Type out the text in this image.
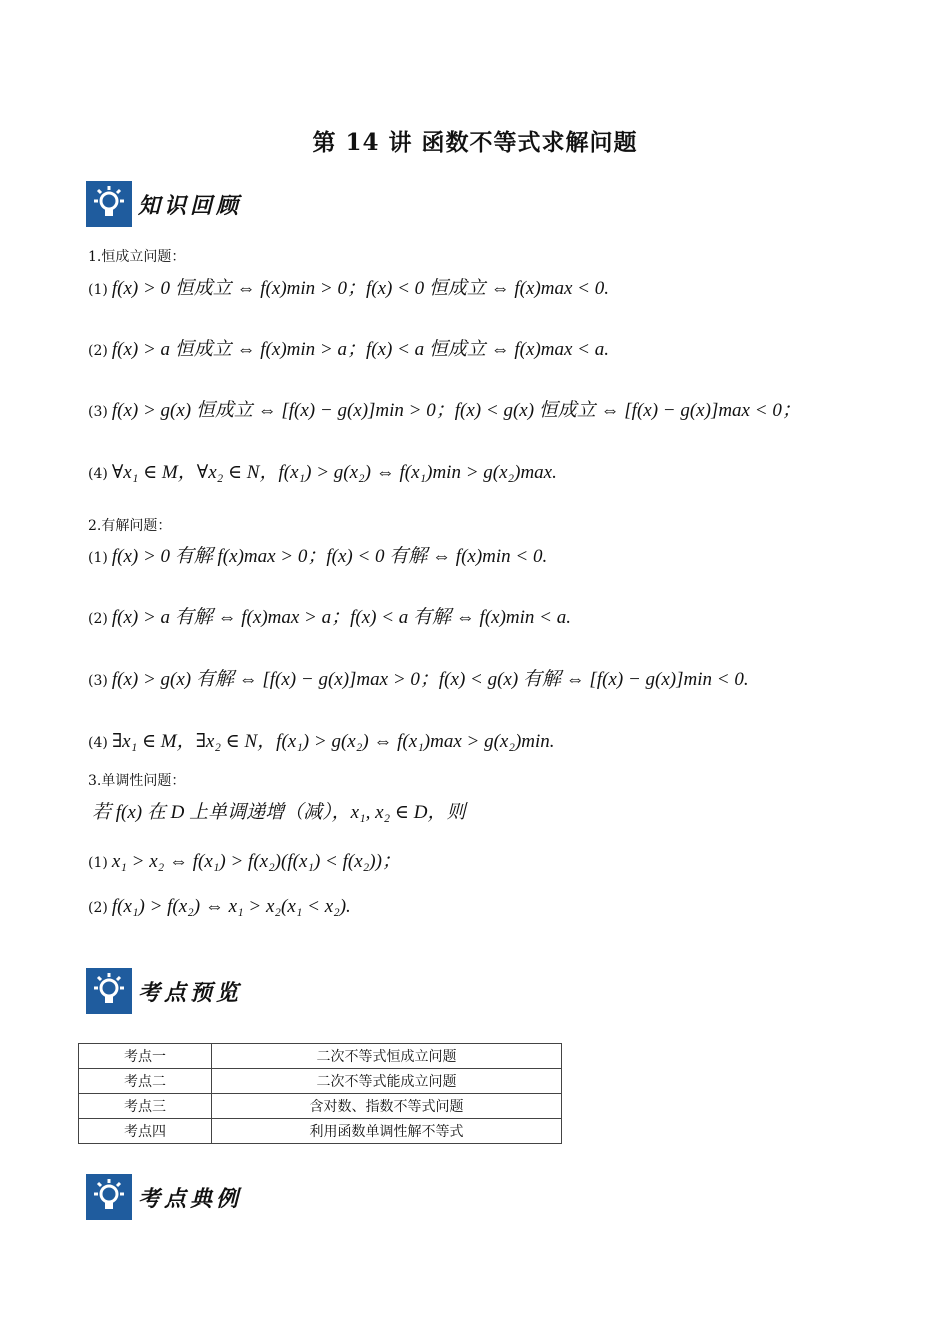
第 14 讲 函数不等式求解问题
知识回顾
1.恒成立问题：
(1) f(x) > 0 恒成立 ⇔ f(x)min > 0；f(x) < 0 恒成立 ⇔ f(x)max < 0.
(2) f(x) > a 恒成立 ⇔ f(x)min > a；f(x) < a 恒成立 ⇔ f(x)max < a.
(3) f(x) > g(x) 恒成立 ⇔ [f(x) − g(x)]min > 0；f(x) < g(x) 恒成立 ⇔ [f(x) − g(x)]max < 0；
(4) ∀x₁ ∈ M，∀x₂ ∈ N，f(x₁) > g(x₂) ⇔ f(x₁)min > g(x₂)max.
2.有解问题：
(1) f(x) > 0 有解 f(x)max > 0；f(x) < 0 有解 ⇔ f(x)min < 0.
(2) f(x) > a 有解 ⇔ f(x)max > a；f(x) < a 有解 ⇔ f(x)min < a.
(3) f(x) > g(x) 有解 ⇔ [f(x) − g(x)]max > 0；f(x) < g(x) 有解 ⇔ [f(x) − g(x)]min < 0.
(4) ∃x₁ ∈ M，∃x₂ ∈ N，f(x₁) > g(x₂) ⇔ f(x₁)max > g(x₂)min.
3.单调性问题：
若 f(x) 在 D 上单调递增（减），x₁, x₂ ∈ D，则
(1) x₁ > x₂ ⇔ f(x₁) > f(x₂)(f(x₁) < f(x₂))；
(2) f(x₁) > f(x₂) ⇔ x₁ > x₂(x₁ < x₂).
考点预览
考点一	二次不等式恒成立问题
考点二	二次不等式能成立问题
考点三	含对数、指数不等式问题
考点四	利用函数单调性解不等式
考点典例
